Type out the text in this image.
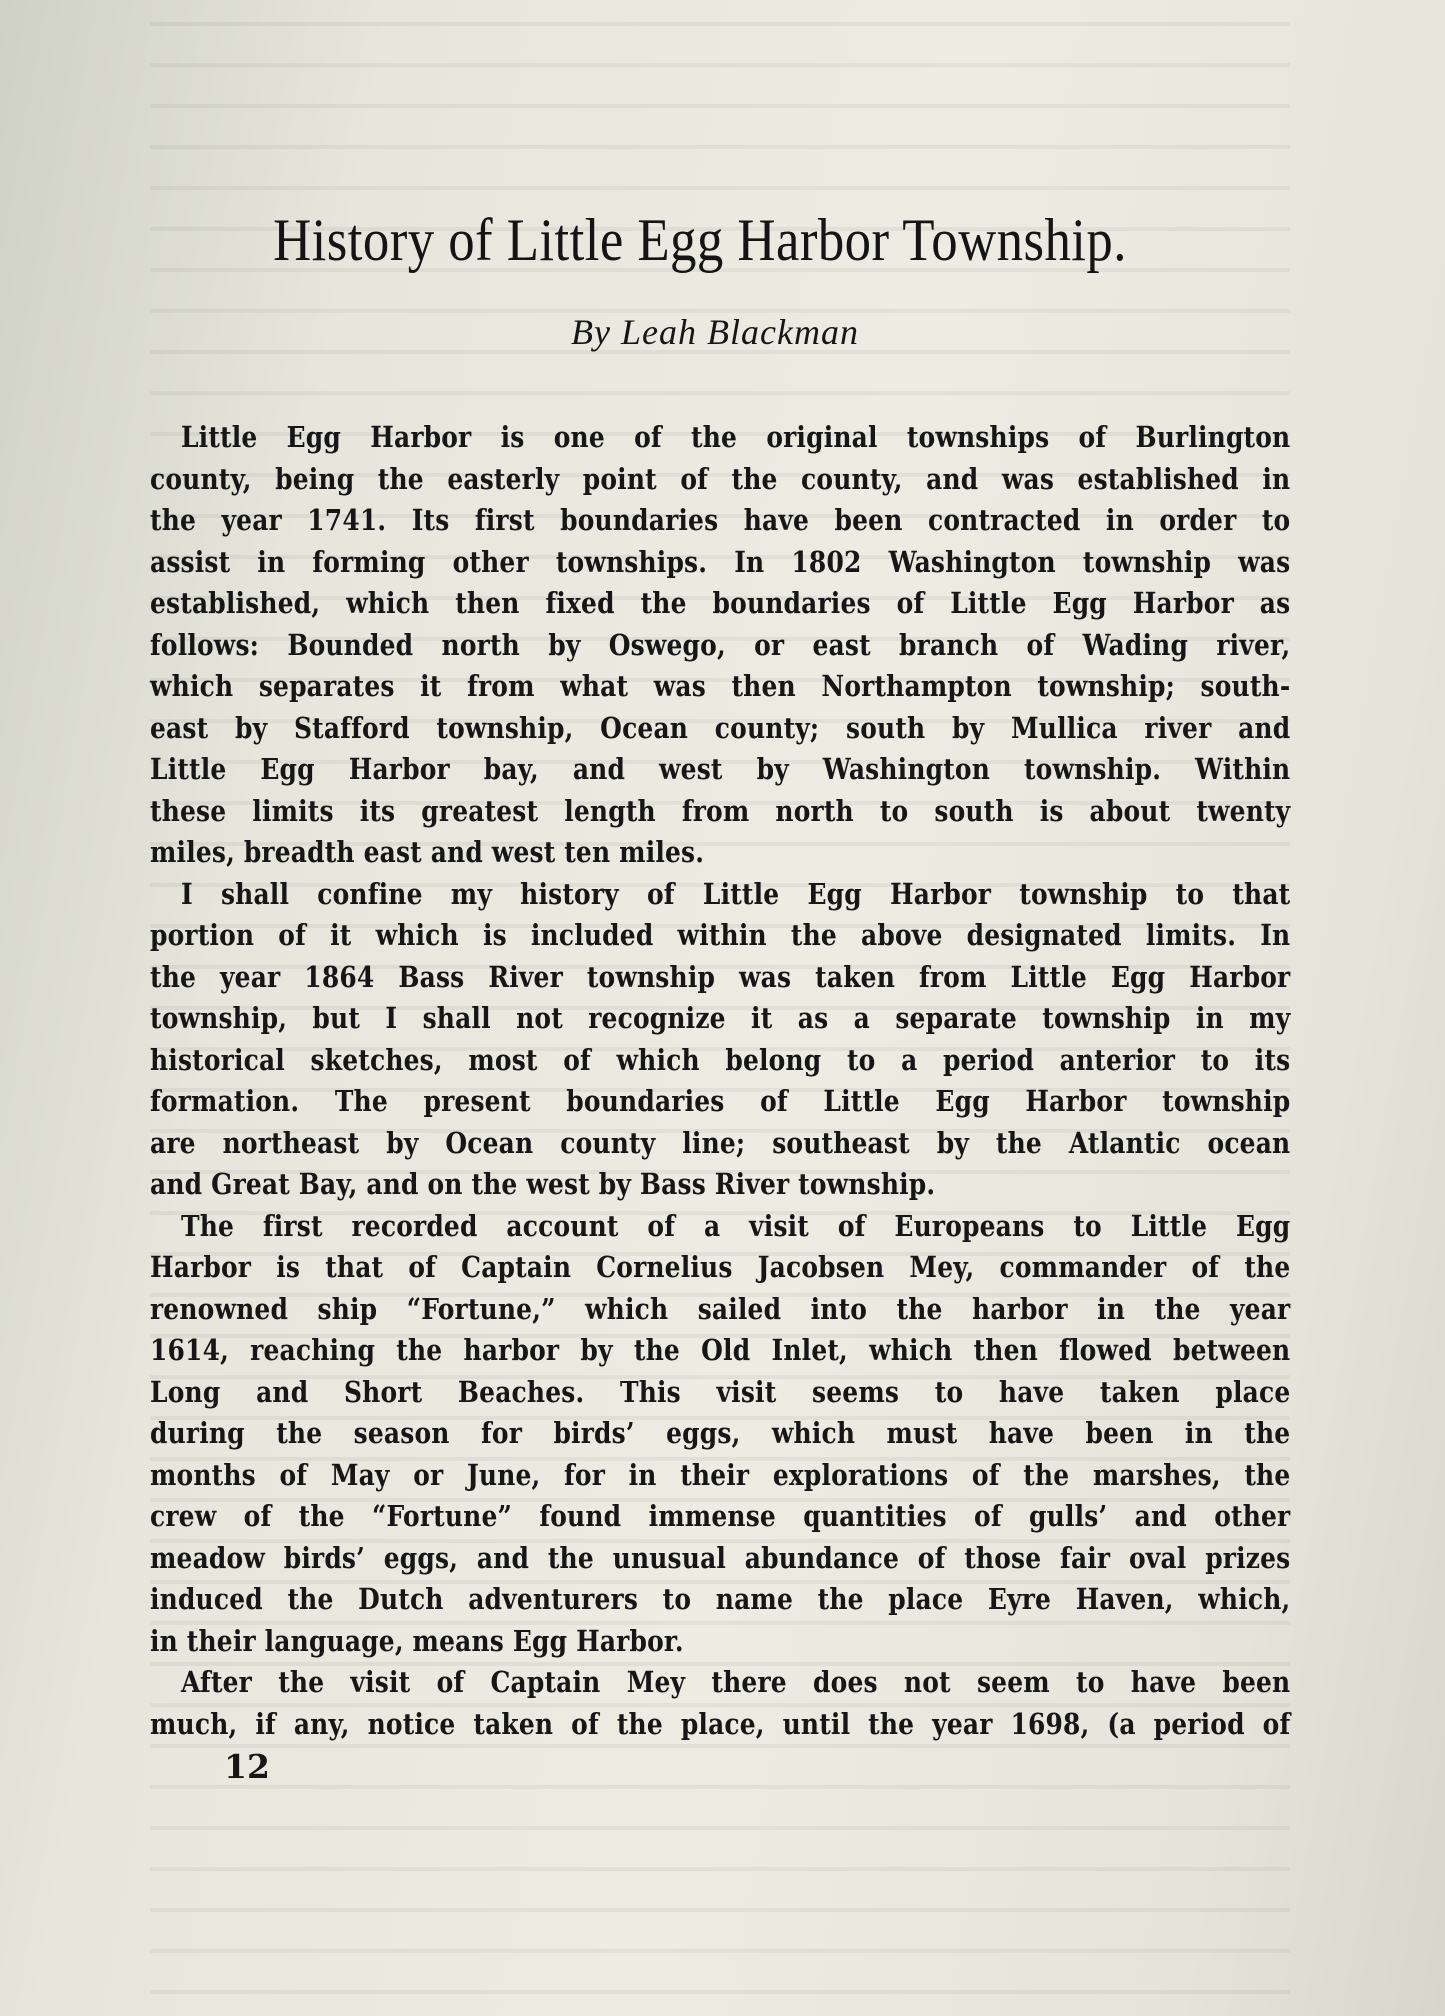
History of Little Egg Harbor Township.
By Leah Blackman
Little Egg Harbor is one of the original townships of Burlington
county, being the easterly point of the county, and was established in
the year 1741. Its first boundaries have been contracted in order to
assist in forming other townships. In 1802 Washington township was
established, which then fixed the boundaries of Little Egg Harbor as
follows: Bounded north by Oswego, or east branch of Wading river,
which separates it from what was then Northampton township; south-
east by Stafford township, Ocean county; south by Mullica river and
Little Egg Harbor bay, and west by Washington township. Within
these limits its greatest length from north to south is about twenty
miles, breadth east and west ten miles.
I shall confine my history of Little Egg Harbor township to that
portion of it which is included within the above designated limits. In
the year 1864 Bass River township was taken from Little Egg Harbor
township, but I shall not recognize it as a separate township in my
historical sketches, most of which belong to a period anterior to its
formation. The present boundaries of Little Egg Harbor township
are northeast by Ocean county line; southeast by the Atlantic ocean
and Great Bay, and on the west by Bass River township.
The first recorded account of a visit of Europeans to Little Egg
Harbor is that of Captain Cornelius Jacobsen Mey, commander of the
renowned ship “Fortune,” which sailed into the harbor in the year
1614, reaching the harbor by the Old Inlet, which then flowed between
Long and Short Beaches. This visit seems to have taken place
during the season for birds’ eggs, which must have been in the
months of May or June, for in their explorations of the marshes, the
crew of the “Fortune” found immense quantities of gulls’ and other
meadow birds’ eggs, and the unusual abundance of those fair oval prizes
induced the Dutch adventurers to name the place Eyre Haven, which,
in their language, means Egg Harbor.
After the visit of Captain Mey there does not seem to have been
much, if any, notice taken of the place, until the year 1698, (a period of
12
